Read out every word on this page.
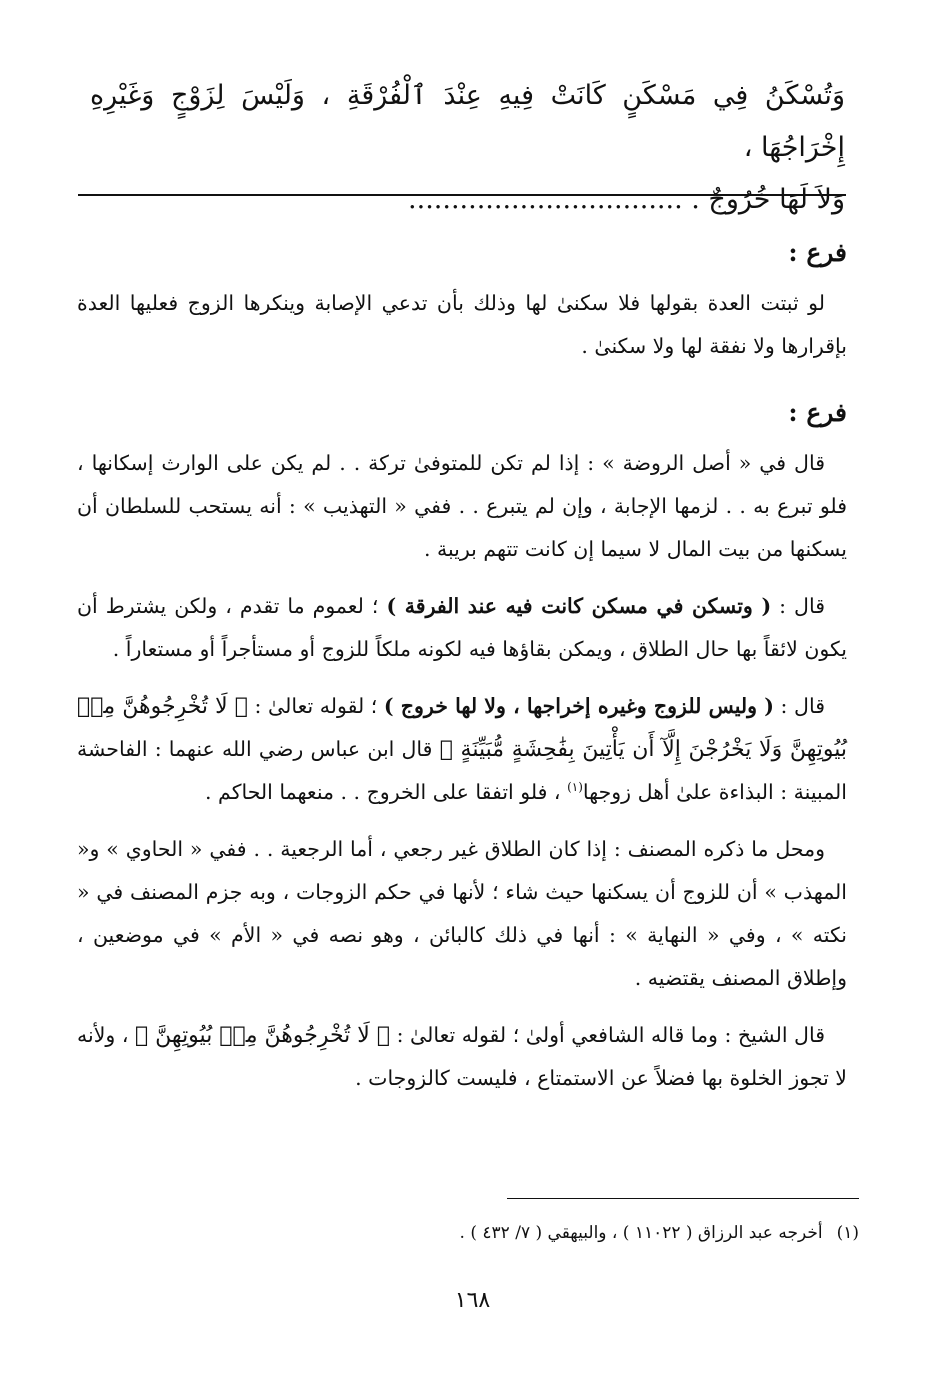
وَتُسْكَنُ فِي مَسْكَنٍ كَانَتْ فِيهِ عِنْدَ ٱلْفُرْقَةِ ، وَلَيْسَ لِزَوْجٍ وَغَيْرِهِ إِخْرَاجُهَا ،
وَلاَ لَهَا خُرُوجٌ . ................................

فرع :

لو ثبتت العدة بقولها فلا سكنىٰ لها وذلك بأن تدعي الإصابة وينكرها الزوج فعليها العدة بإقرارها ولا نفقة لها ولا سكنىٰ .

فرع :

قال في « أصل الروضة » : إذا لم تكن للمتوفىٰ تركة . . لم يكن على الوارث إسكانها ، فلو تبرع به . . لزمها الإجابة ، وإن لم يتبرع . . ففي « التهذيب » : أنه يستحب للسلطان أن يسكنها من بيت المال لا سيما إن كانت تتهم بريبة .

قال : ( وتسكن في مسكن كانت فيه عند الفرقة ) ؛ لعموم ما تقدم ، ولكن يشترط أن يكون لائقاً بها حال الطلاق ، ويمكن بقاؤها فيه لكونه ملكاً للزوج أو مستأجراً أو مستعاراً .

قال : ( وليس للزوج وغيره إخراجها ، ولا لها خروج ) ؛ لقوله تعالىٰ : ﴿ لَا تُخْرِجُوهُنَّ مِنۢ بُيُوتِهِنَّ وَلَا يَخْرُجْنَ إِلَّآ أَن يَأْتِينَ بِفَٰحِشَةٍ مُّبَيِّنَةٍ ﴾ قال ابن عباس رضي الله عنهما : الفاحشة المبينة : البذاءة علىٰ أهل زوجها$^{(١)}$ ، فلو اتفقا على الخروج . . منعهما الحاكم .

ومحل ما ذكره المصنف : إذا كان الطلاق غير رجعي ، أما الرجعية . . ففي « الحاوي » و« المهذب » أن للزوج أن يسكنها حيث شاء ؛ لأنها في حكم الزوجات ، وبه جزم المصنف في « نكته » ، وفي « النهاية » : أنها في ذلك كالبائن ، وهو نصه في « الأم » في موضعين ، وإطلاق المصنف يقتضيه .

قال الشيخ : وما قاله الشافعي أولىٰ ؛ لقوله تعالىٰ : ﴿ لَا تُخْرِجُوهُنَّ مِنۢ بُيُوتِهِنَّ ﴾ ، ولأنه لا تجوز الخلوة بها فضلاً عن الاستمتاع ، فليست كالزوجات .

(١)أخرجه عبد الرزاق ( ١١٠٢٢ ) ، والبيهقي ( ٧/ ٤٣٢ ) .
١٦٨
